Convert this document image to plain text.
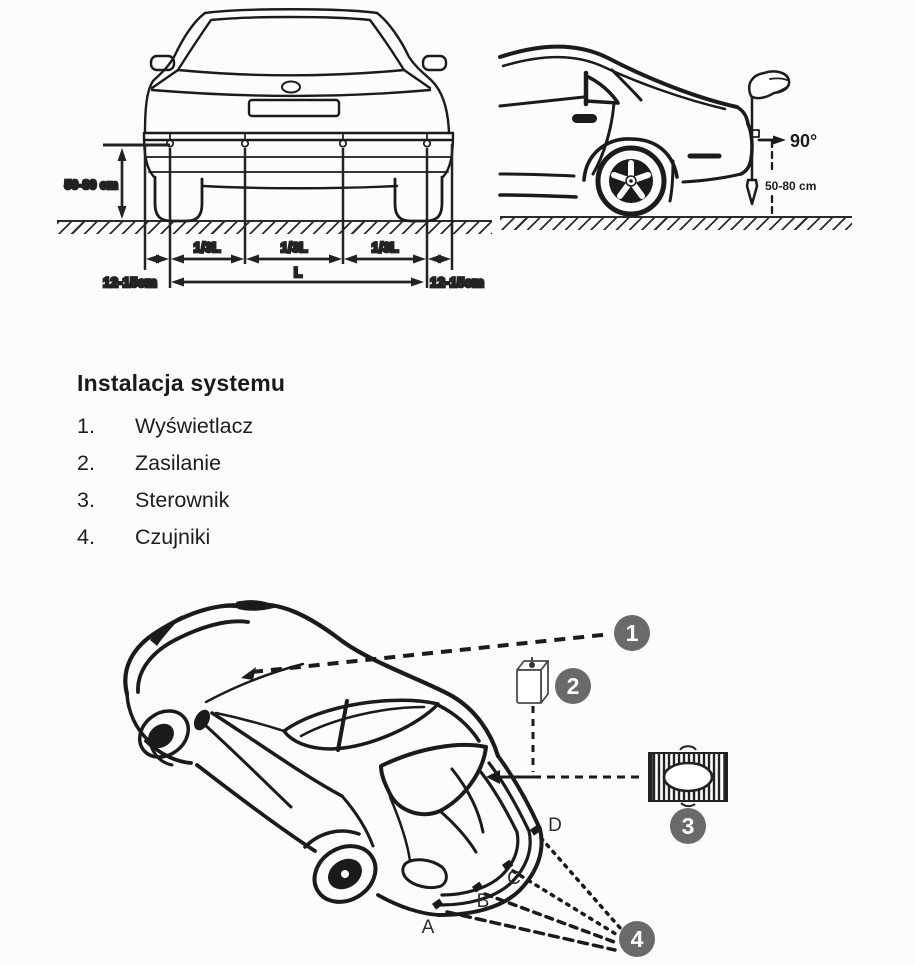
50-80 cm
1/3L	1/3L	1/3L
L
12-15cm	12-15cm
90°
50-80 cm
Instalacja systemu
1.	Wyświetlacz
2.	Zasilanie
3.	Sterownik
4.	Czujniki
A
B
C
D
1
2
3
4
